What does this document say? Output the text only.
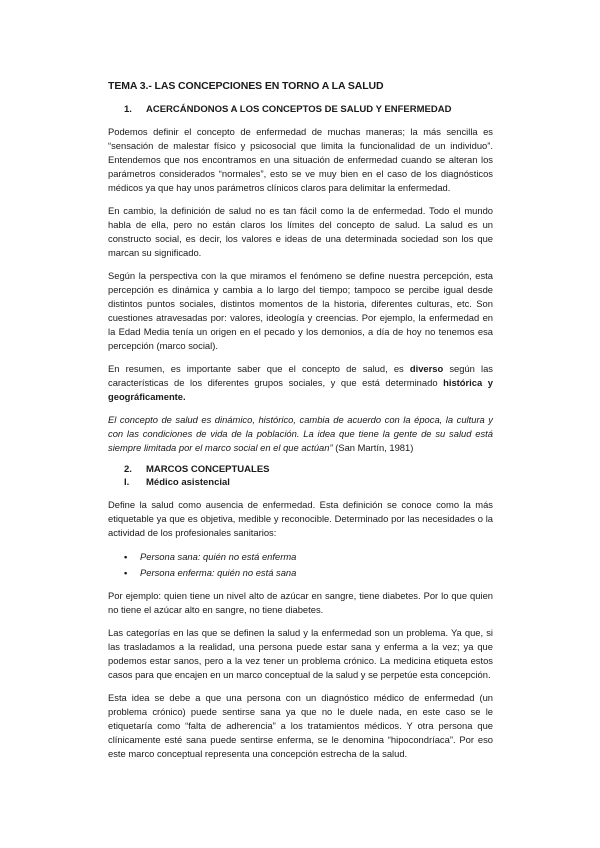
TEMA 3.- LAS CONCEPCIONES EN TORNO A LA SALUD
1. ACERCÁNDONOS A LOS CONCEPTOS DE SALUD Y ENFERMEDAD

Podemos definir el concepto de enfermedad de muchas maneras; la más sencilla es “sensación de malestar físico y psicosocial que limita la funcionalidad de un individuo”. Entendemos que nos encontramos en una situación de enfermedad cuando se alteran los parámetros considerados “normales”, esto se ve muy bien en el caso de los diagnósticos médicos ya que hay unos parámetros clínicos claros para delimitar la enfermedad.

En cambio, la definición de salud no es tan fácil como la de enfermedad. Todo el mundo habla de ella, pero no están claros los límites del concepto de salud. La salud es un constructo social, es decir, los valores e ideas de una determinada sociedad son los que marcan su significado.

Según la perspectiva con la que miramos el fenómeno se define nuestra percepción, esta percepción es dinámica y cambia a lo largo del tiempo; tampoco se percibe igual desde distintos puntos sociales, distintos momentos de la historia, diferentes culturas, etc. Son cuestiones atravesadas por: valores, ideología y creencias. Por ejemplo, la enfermedad en la Edad Media tenía un origen en el pecado y los demonios, a día de hoy no tenemos esa percepción (marco social).

En resumen, es importante saber que el concepto de salud, es diverso según las características de los diferentes grupos sociales, y que está determinado histórica y geográficamente.

El concepto de salud es dinámico, histórico, cambia de acuerdo con la época, la cultura y con las condiciones de vida de la población. La idea que tiene la gente de su salud está siempre limitada por el marco social en el que actúan” (San Martín, 1981)

2. MARCOS CONCEPTUALES
I. Médico asistencial

Define la salud como ausencia de enfermedad. Esta definición se conoce como la más etiquetable ya que es objetiva, medible y reconocible. Determinado por las necesidades o la actividad de los profesionales sanitarios:

• Persona sana: quién no está enferma
• Persona enferma: quién no está sana

Por ejemplo: quien tiene un nivel alto de azúcar en sangre, tiene diabetes. Por lo que quien no tiene el azúcar alto en sangre, no tiene diabetes.

Las categorías en las que se definen la salud y la enfermedad son un problema. Ya que, si las trasladamos a la realidad, una persona puede estar sana y enferma a la vez; ya que podemos estar sanos, pero a la vez tener un problema crónico. La medicina etiqueta estos casos para que encajen en un marco conceptual de la salud y se perpetúe esta concepción.

Esta idea se debe a que una persona con un diagnóstico médico de enfermedad (un problema crónico) puede sentirse sana ya que no le duele nada, en este caso se le etiquetaría como “falta de adherencia” a los tratamientos médicos. Y otra persona que clínicamente esté sana puede sentirse enferma, se le denomina “hipocondríaca”. Por eso este marco conceptual representa una concepción estrecha de la salud.
